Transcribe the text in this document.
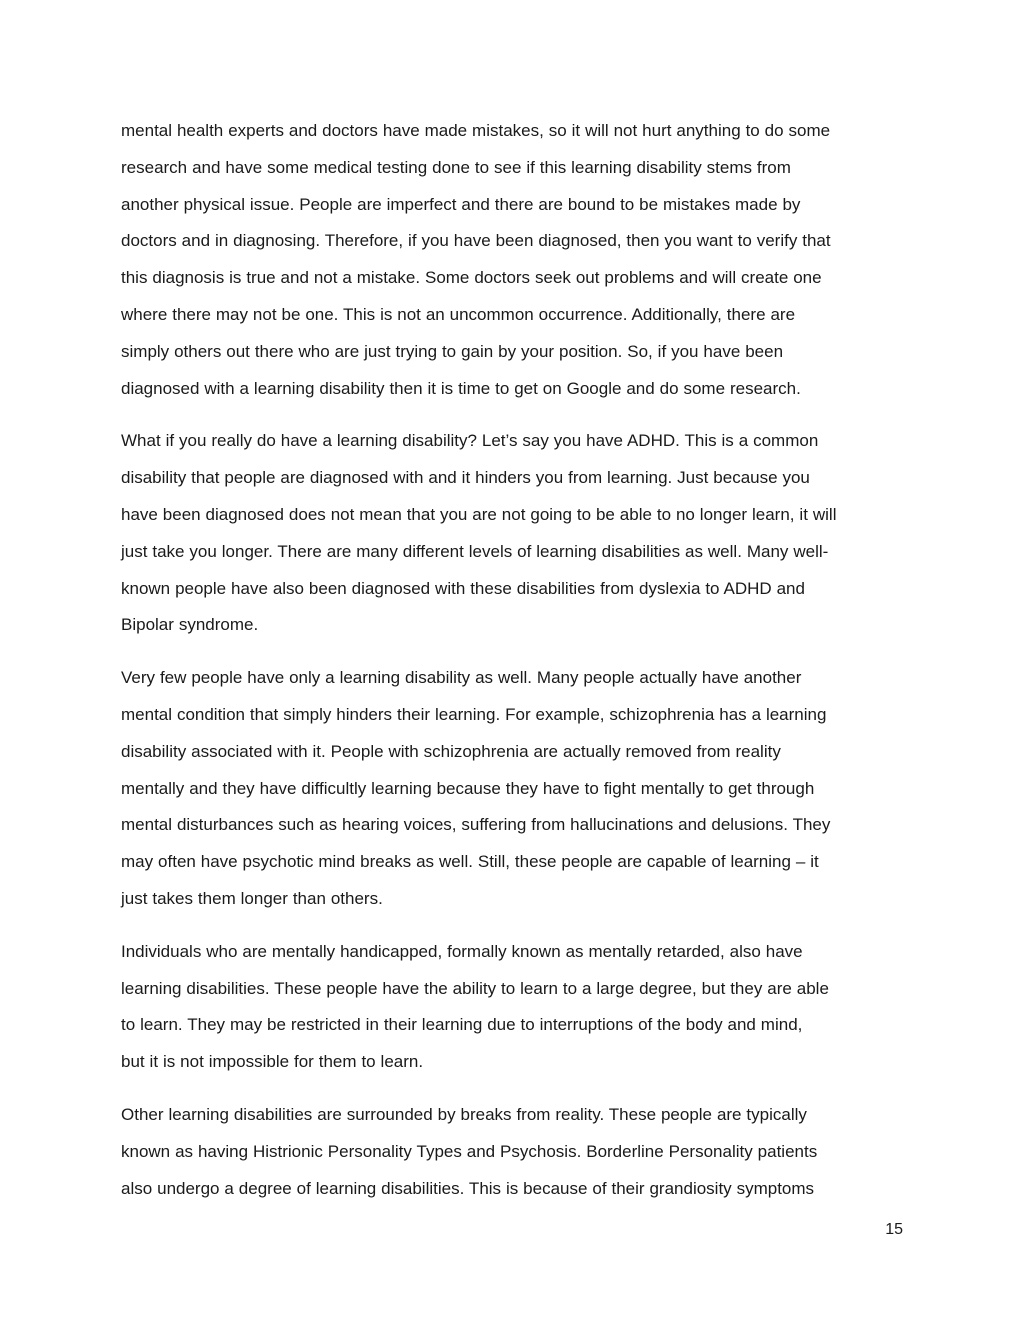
mental health experts and doctors have made mistakes, so it will not hurt anything to do some
research and have some medical testing done to see if this learning disability stems from
another physical issue. People are imperfect and there are bound to be mistakes made by
doctors and in diagnosing. Therefore, if you have been diagnosed, then you want to verify that
this diagnosis is true and not a mistake. Some doctors seek out problems and will create one
where there may not be one. This is not an uncommon occurrence. Additionally, there are
simply others out there who are just trying to gain by your position. So, if you have been
diagnosed with a learning disability then it is time to get on Google and do some research.

What if you really do have a learning disability? Let’s say you have ADHD. This is a common
disability that people are diagnosed with and it hinders you from learning. Just because you
have been diagnosed does not mean that you are not going to be able to no longer learn, it will
just take you longer. There are many different levels of learning disabilities as well. Many well-
known people have also been diagnosed with these disabilities from dyslexia to ADHD and
Bipolar syndrome.

Very few people have only a learning disability as well. Many people actually have another
mental condition that simply hinders their learning. For example, schizophrenia has a learning
disability associated with it. People with schizophrenia are actually removed from reality
mentally and they have difficultly learning because they have to fight mentally to get through
mental disturbances such as hearing voices, suffering from hallucinations and delusions. They
may often have psychotic mind breaks as well. Still, these people are capable of learning – it
just takes them longer than others.

Individuals who are mentally handicapped, formally known as mentally retarded, also have
learning disabilities. These people have the ability to learn to a large degree, but they are able
to learn. They may be restricted in their learning due to interruptions of the body and mind,
but it is not impossible for them to learn.

Other learning disabilities are surrounded by breaks from reality. These people are typically
known as having Histrionic Personality Types and Psychosis. Borderline Personality patients
also undergo a degree of learning disabilities. This is because of their grandiosity symptoms

15
